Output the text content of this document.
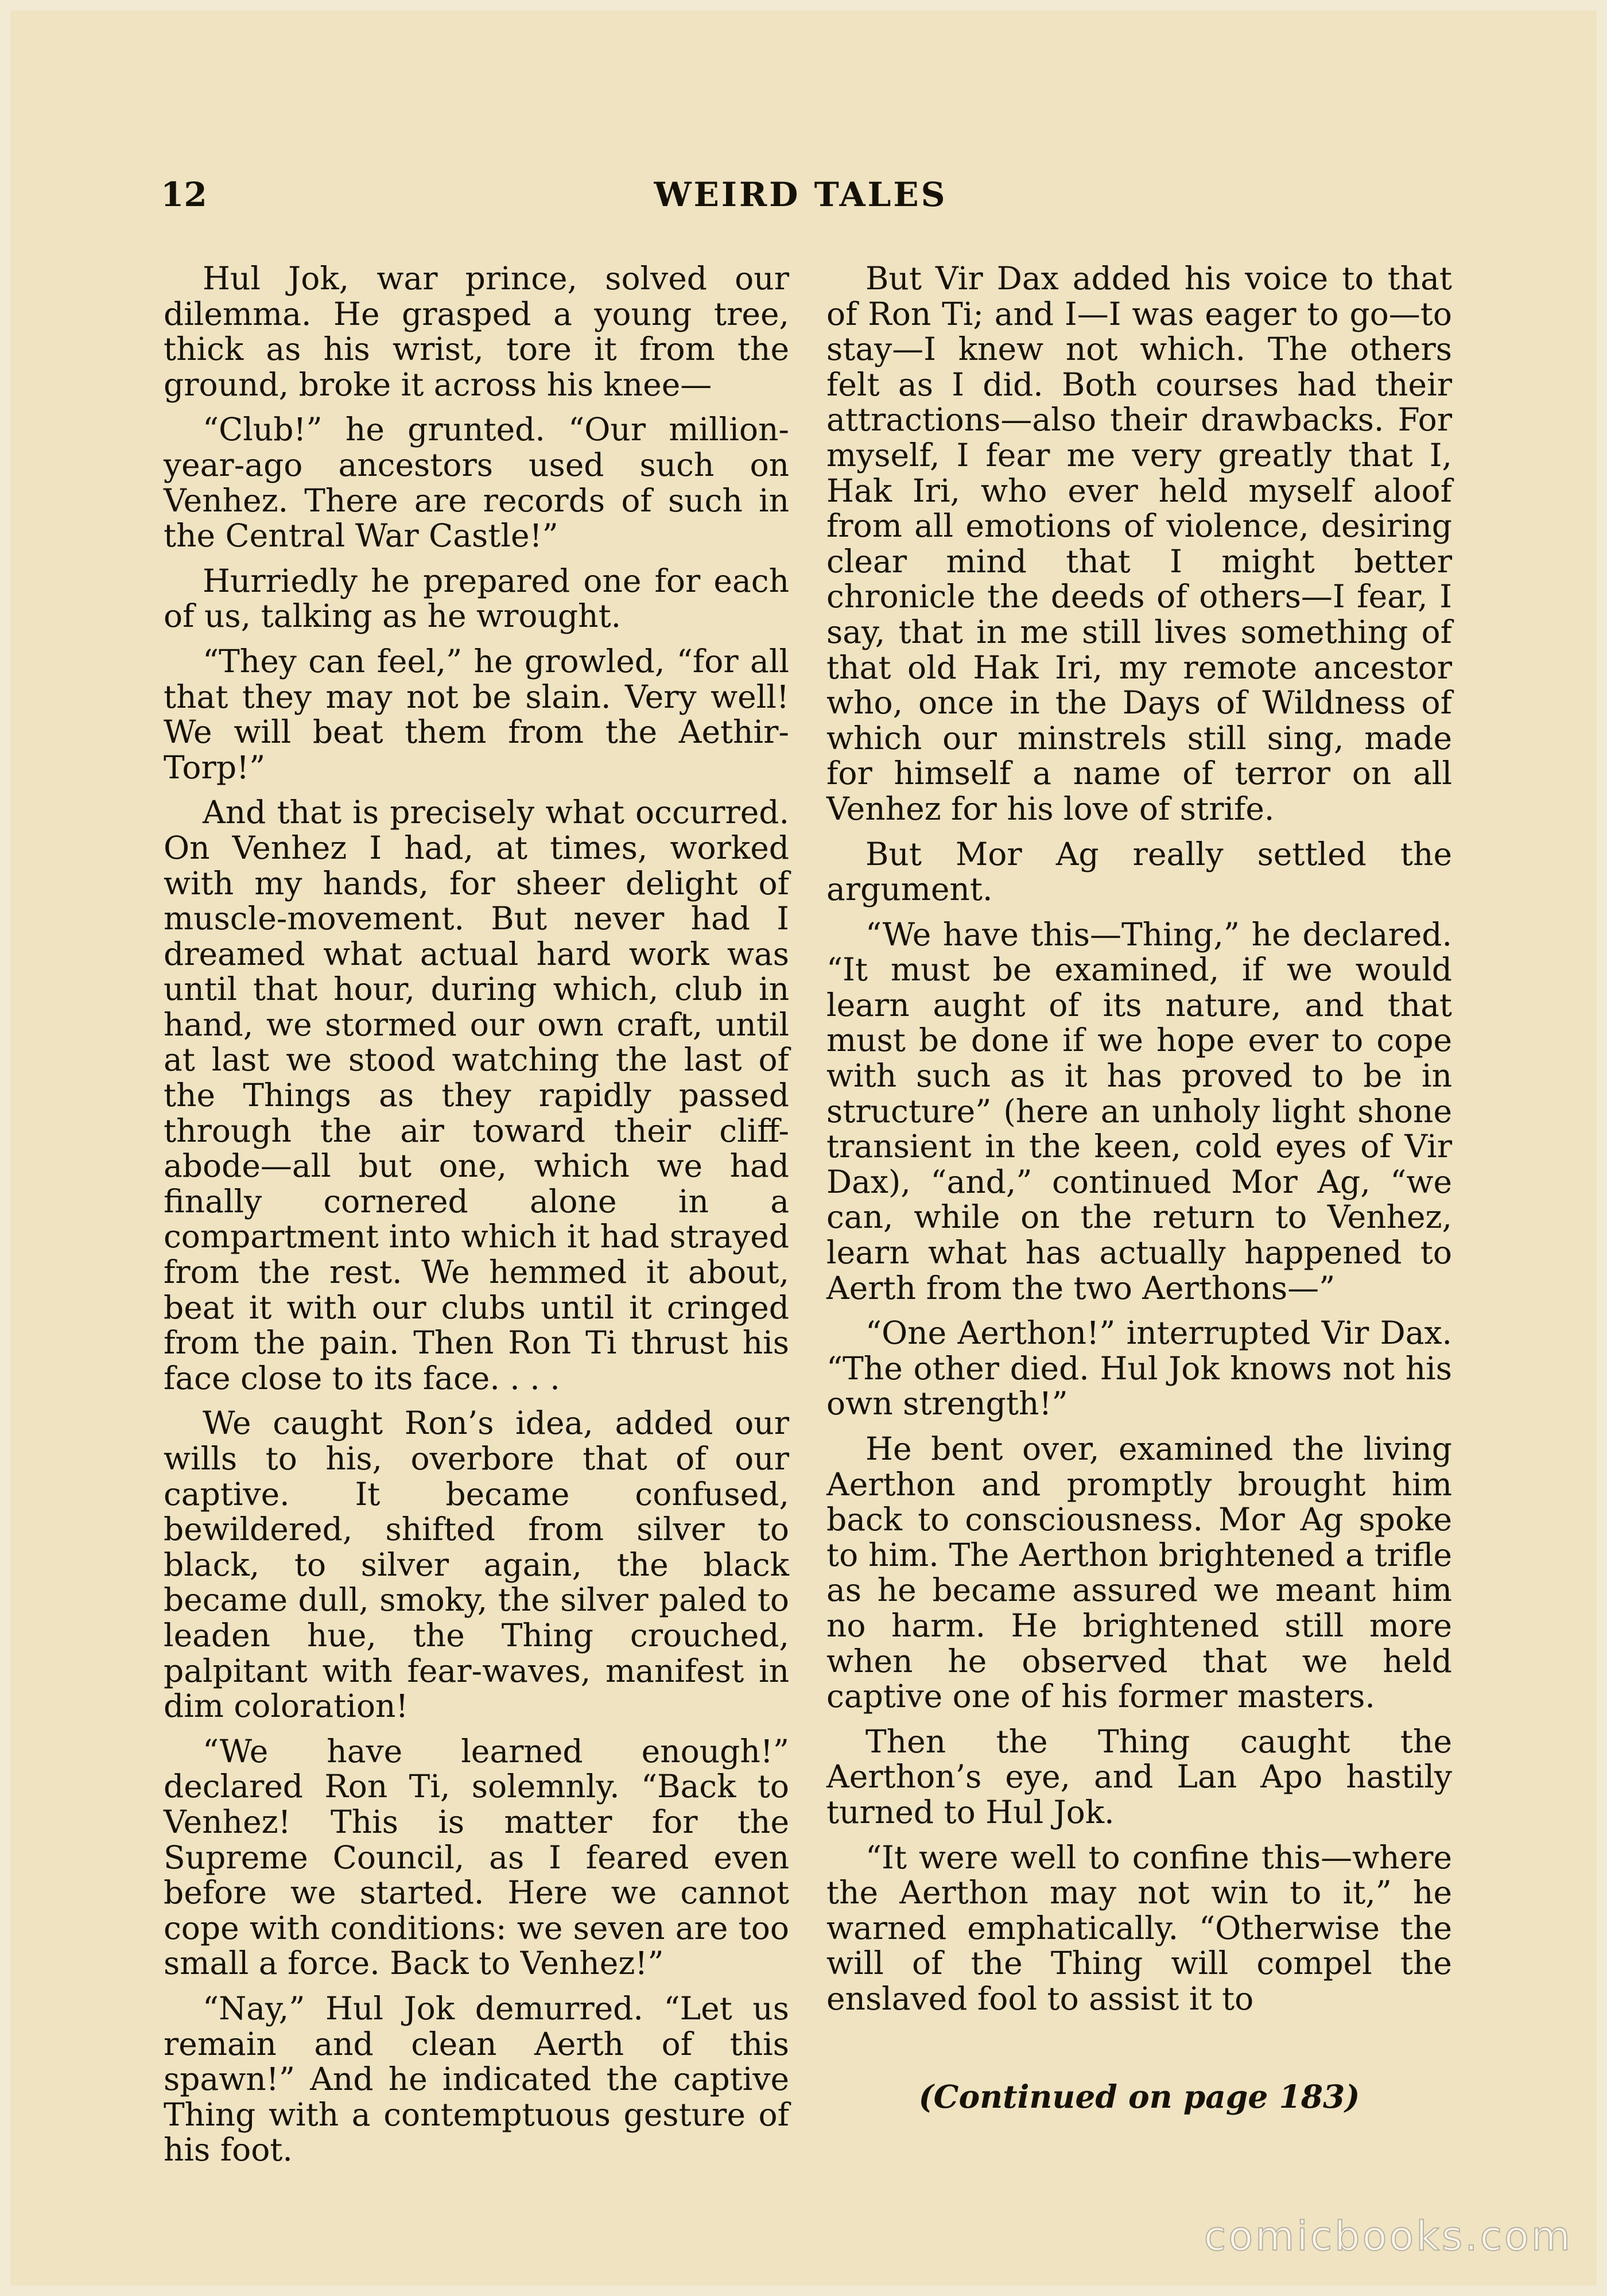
12	WEIRD TALES

Hul Jok, war prince, solved our dilemma. He grasped a young tree, thick as his wrist, tore it from the ground, broke it across his knee—

“Club!” he grunted. “Our million-year-ago ancestors used such on Venhez. There are records of such in the Central War Castle!”

Hurriedly he prepared one for each of us, talking as he wrought.

“They can feel,” he growled, “for all that they may not be slain. Very well! We will beat them from the Aethir-Torp!”

And that is precisely what occurred. On Venhez I had, at times, worked with my hands, for sheer delight of muscle-movement. But never had I dreamed what actual hard work was until that hour, during which, club in hand, we stormed our own craft, until at last we stood watching the last of the Things as they rapidly passed through the air toward their cliff-abode—all but one, which we had finally cornered alone in a compartment into which it had strayed from the rest. We hemmed it about, beat it with our clubs until it cringed from the pain. Then Ron Ti thrust his face close to its face. . . .

We caught Ron’s idea, added our wills to his, overbore that of our captive. It became confused, bewildered, shifted from silver to black, to silver again, the black became dull, smoky, the silver paled to leaden hue, the Thing crouched, palpitant with fear-waves, manifest in dim coloration!

“We have learned enough!” declared Ron Ti, solemnly. “Back to Venhez! This is matter for the Supreme Council, as I feared even before we started. Here we cannot cope with conditions: we seven are too small a force. Back to Venhez!”

“Nay,” Hul Jok demurred. “Let us remain and clean Aerth of this spawn!” And he indicated the captive Thing with a contemptuous gesture of his foot.

But Vir Dax added his voice to that of Ron Ti; and I—I was eager to go—to stay—I knew not which. The others felt as I did. Both courses had their attractions—also their drawbacks. For myself, I fear me very greatly that I, Hak Iri, who ever held myself aloof from all emotions of violence, desiring clear mind that I might better chronicle the deeds of others—I fear, I say, that in me still lives something of that old Hak Iri, my remote ancestor who, once in the Days of Wildness of which our minstrels still sing, made for himself a name of terror on all Venhez for his love of strife.

But Mor Ag really settled the argument.

“We have this—Thing,” he declared. “It must be examined, if we would learn aught of its nature, and that must be done if we hope ever to cope with such as it has proved to be in structure” (here an unholy light shone transient in the keen, cold eyes of Vir Dax), “and,” continued Mor Ag, “we can, while on the return to Venhez, learn what has actually happened to Aerth from the two Aerthons—”

“One Aerthon!” interrupted Vir Dax. “The other died. Hul Jok knows not his own strength!”

He bent over, examined the living Aerthon and promptly brought him back to consciousness. Mor Ag spoke to him. The Aerthon brightened a trifle as he became assured we meant him no harm. He brightened still more when he observed that we held captive one of his former masters.

Then the Thing caught the Aerthon’s eye, and Lan Apo hastily turned to Hul Jok.

“It were well to confine this—where the Aerthon may not win to it,” he warned emphatically. “Otherwise the will of the Thing will compel the enslaved fool to assist it to

(Continued on page 183)
comicbooks.com
